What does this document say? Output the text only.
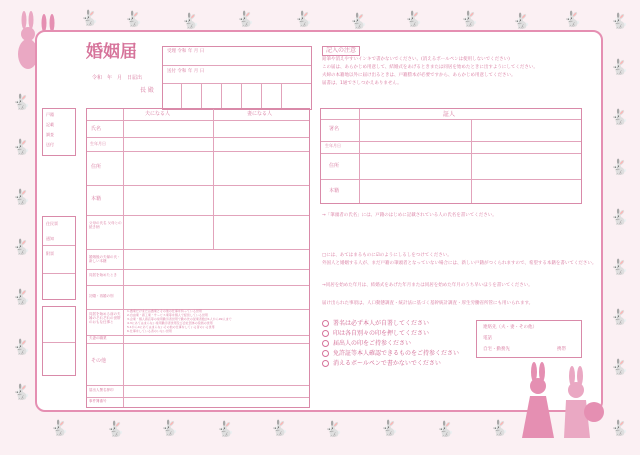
🐇 🐇	🐇 🐇	🐇 🐇 🐇 🐇 🐇 🐇 🐇
🐇 🐇 🐇 🐇 🐇 🐇 🐇 🐇 🐇	🐇
🐇
🐇
🐇
🐇
🐇
🐇
🐇
🐇
🐇
🐇
🐇
🐇
🐇
🐇
婚姻届
令和　年　月　日届出
長 殿
受理 令和 年 月 日
送付 令和 年 月 日
戸籍
記載
調査
送付
住民票
通知
附票
夫になる人	妻になる人
氏名
生年月日
住所
本籍
父母の氏名 父母との続き柄
婚姻後の夫婦の氏・新しい本籍
同居を始めたとき
初婚・再婚の別
同居を始める前の夫婦のそれぞれの世帯のおもな仕事と
夫妻の職業
その他
届出人署名押印
事件簿番号
1.農業だけまたは農業とその他の仕事を持っている世帯
2.自由業・商工業・サービス業等を個人で経営している世帯
3.企業・個人商店等の常用勤労者世帯で勤め先の従業者数が1人から99人まで
4.3にあてはまらない常用勤労者世帯及び会社団体の役員の世帯
5.1から4にあてはまらないその他の仕事をしている者のいる世帯
6.仕事をしている者のいない世帯
記入の注意
鉛筆や消えやすいインキで書かないでください。(消えるボールペンは使用しないでください)
この届は、あらかじめ用意して、結婚式をあげるときまたは同居を始めたときに出すようにしてください。
夫婦の本籍地以外に届け出るときは、戸籍謄本が必要ですから、あらかじめ用意してください。
届書は、1通でさしつかえありません。
証人
署名
生年月日
住所
本籍
→「筆頭者の氏名」には、戸籍のはじめに記載されている人の氏名を書いてください。
□には、あてはまるものに☑のようにしるしをつけてください。
外国人と婚姻する人が、まだ戸籍の筆頭者となっていない場合には、新しい戸籍がつくられますので、希望する本籍を書いてください。
→同居を始めた年月は、結婚式をあげた年月または同居を始めた年月のうち早いほうを書いてください。
届け出られた事項は、人口動態調査・統計法に基づく基幹統計調査・厚生労働省所管にも用いられます。
署名は必ず本人が自署してください
印は各自別々の印を押してください
届出人の印をご持参ください
免許証等本人確認できるものをご持参ください
消えるボールペンで書かないでください
連絡先（夫・妻・その他）
電話
自宅・勤務先	携帯
